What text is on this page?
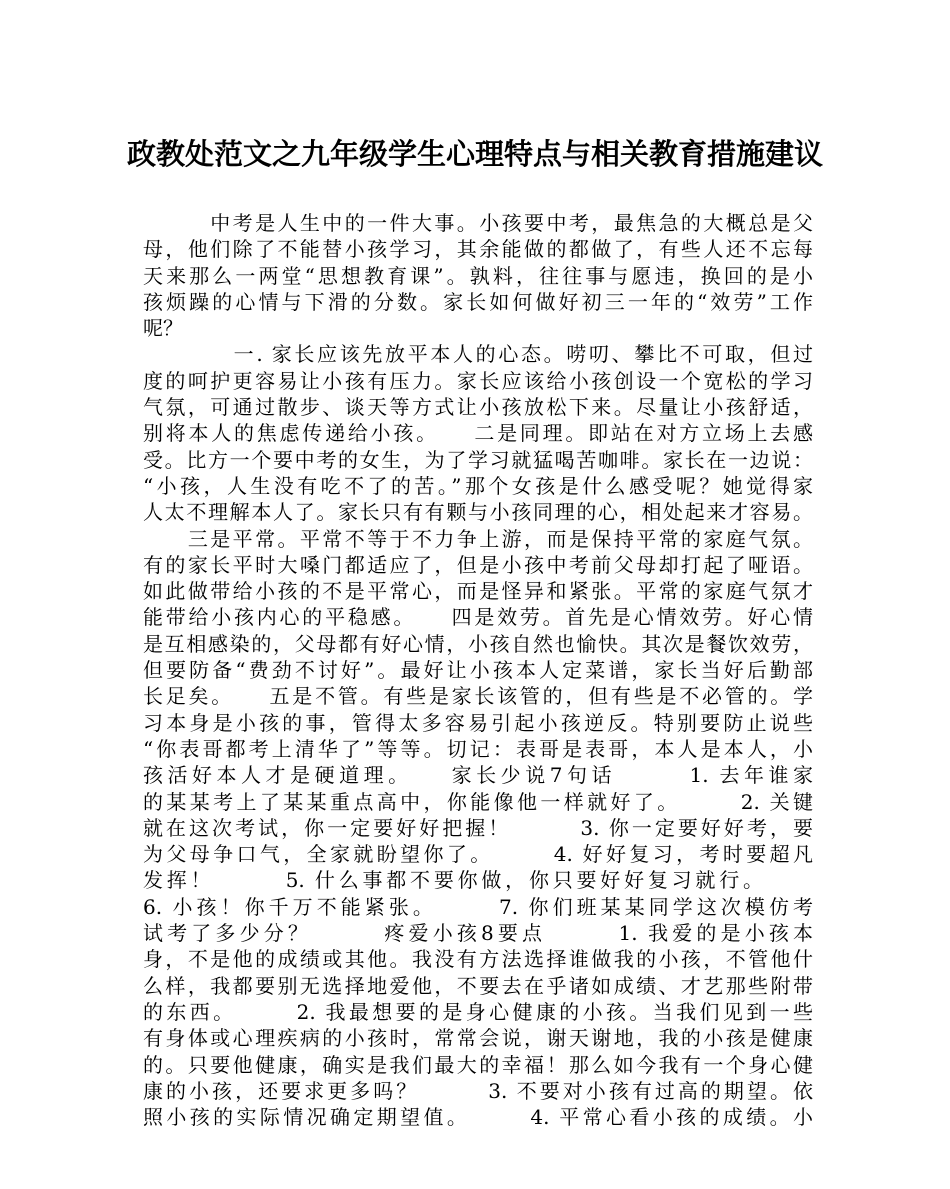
政教处范文之九年级学生心理特点与相关教育措施建议
　　　中考是人生中的一件大事。小孩要中考，最焦急的大概总是父
母，他们除了不能替小孩学习，其余能做的都做了，有些人还不忘每
天来那么一两堂“思想教育课”。孰料，往往事与愿违，换回的是小
孩烦躁的心情与下滑的分数。家长如何做好初三一年的“效劳”工作
呢？
　　　　一. 家长应该先放平本人的心态。唠叨、攀比不可取，但过
度的呵护更容易让小孩有压力。家长应该给小孩创设一个宽松的学习
气氛，可通过散步、谈天等方式让小孩放松下来。尽量让小孩舒适，
别将本人的焦虑传递给小孩。　　二是同理。即站在对方立场上去感
受。比方一个要中考的女生，为了学习就猛喝苦咖啡。家长在一边说：
“小孩，人生没有吃不了的苦。”那个女孩是什么感受呢？她觉得家
人太不理解本人了。家长只有有颗与小孩同理的心，相处起来才容易。
　　三是平常。平常不等于不力争上游，而是保持平常的家庭气氛。
有的家长平时大嗓门都适应了，但是小孩中考前父母却打起了哑语。
如此做带给小孩的不是平常心，而是怪异和紧张。平常的家庭气氛才
能带给小孩内心的平稳感。　　四是效劳。首先是心情效劳。好心情
是互相感染的，父母都有好心情，小孩自然也愉快。其次是餐饮效劳，
但要防备“费劲不讨好”。最好让小孩本人定菜谱，家长当好后勤部
长足矣。　　五是不管。有些是家长该管的，但有些是不必管的。学
习本身是小孩的事，管得太多容易引起小孩逆反。特别要防止说些
“你表哥都考上清华了”等等。切记：表哥是表哥，本人是本人，小
孩活好本人才是硬道理。　　家长少说7句话　　　1. 去年谁家
的某某考上了某某重点高中，你能像他一样就好了。　　　2. 关键
就在这次考试，你一定要好好把握！　　　3. 你一定要好好考，要
为父母争口气，全家就盼望你了。　　　4. 好好复习，考时要超凡
发挥！　　　5. 什么事都不要你做，你只要好好复习就行。　　　
6. 小孩！你千万不能紧张。　　　7. 你们班某某同学这次模仿考
试考了多少分？　　　疼爱小孩8要点　　　1. 我爱的是小孩本
身，不是他的成绩或其他。我没有方法选择谁做我的小孩，不管他什
么样，我都要别无选择地爱他，不要去在乎诸如成绩、才艺那些附带
的东西。　　　2. 我最想要的是身心健康的小孩。当我们见到一些
有身体或心理疾病的小孩时，常常会说，谢天谢地，我的小孩是健康
的。只要他健康，确实是我们最大的幸福！那么如今我有一个身心健
康的小孩，还要求更多吗？　　　3. 不要对小孩有过高的期望。依
照小孩的实际情况确定期望值。　　　4. 平常心看小孩的成绩。小
